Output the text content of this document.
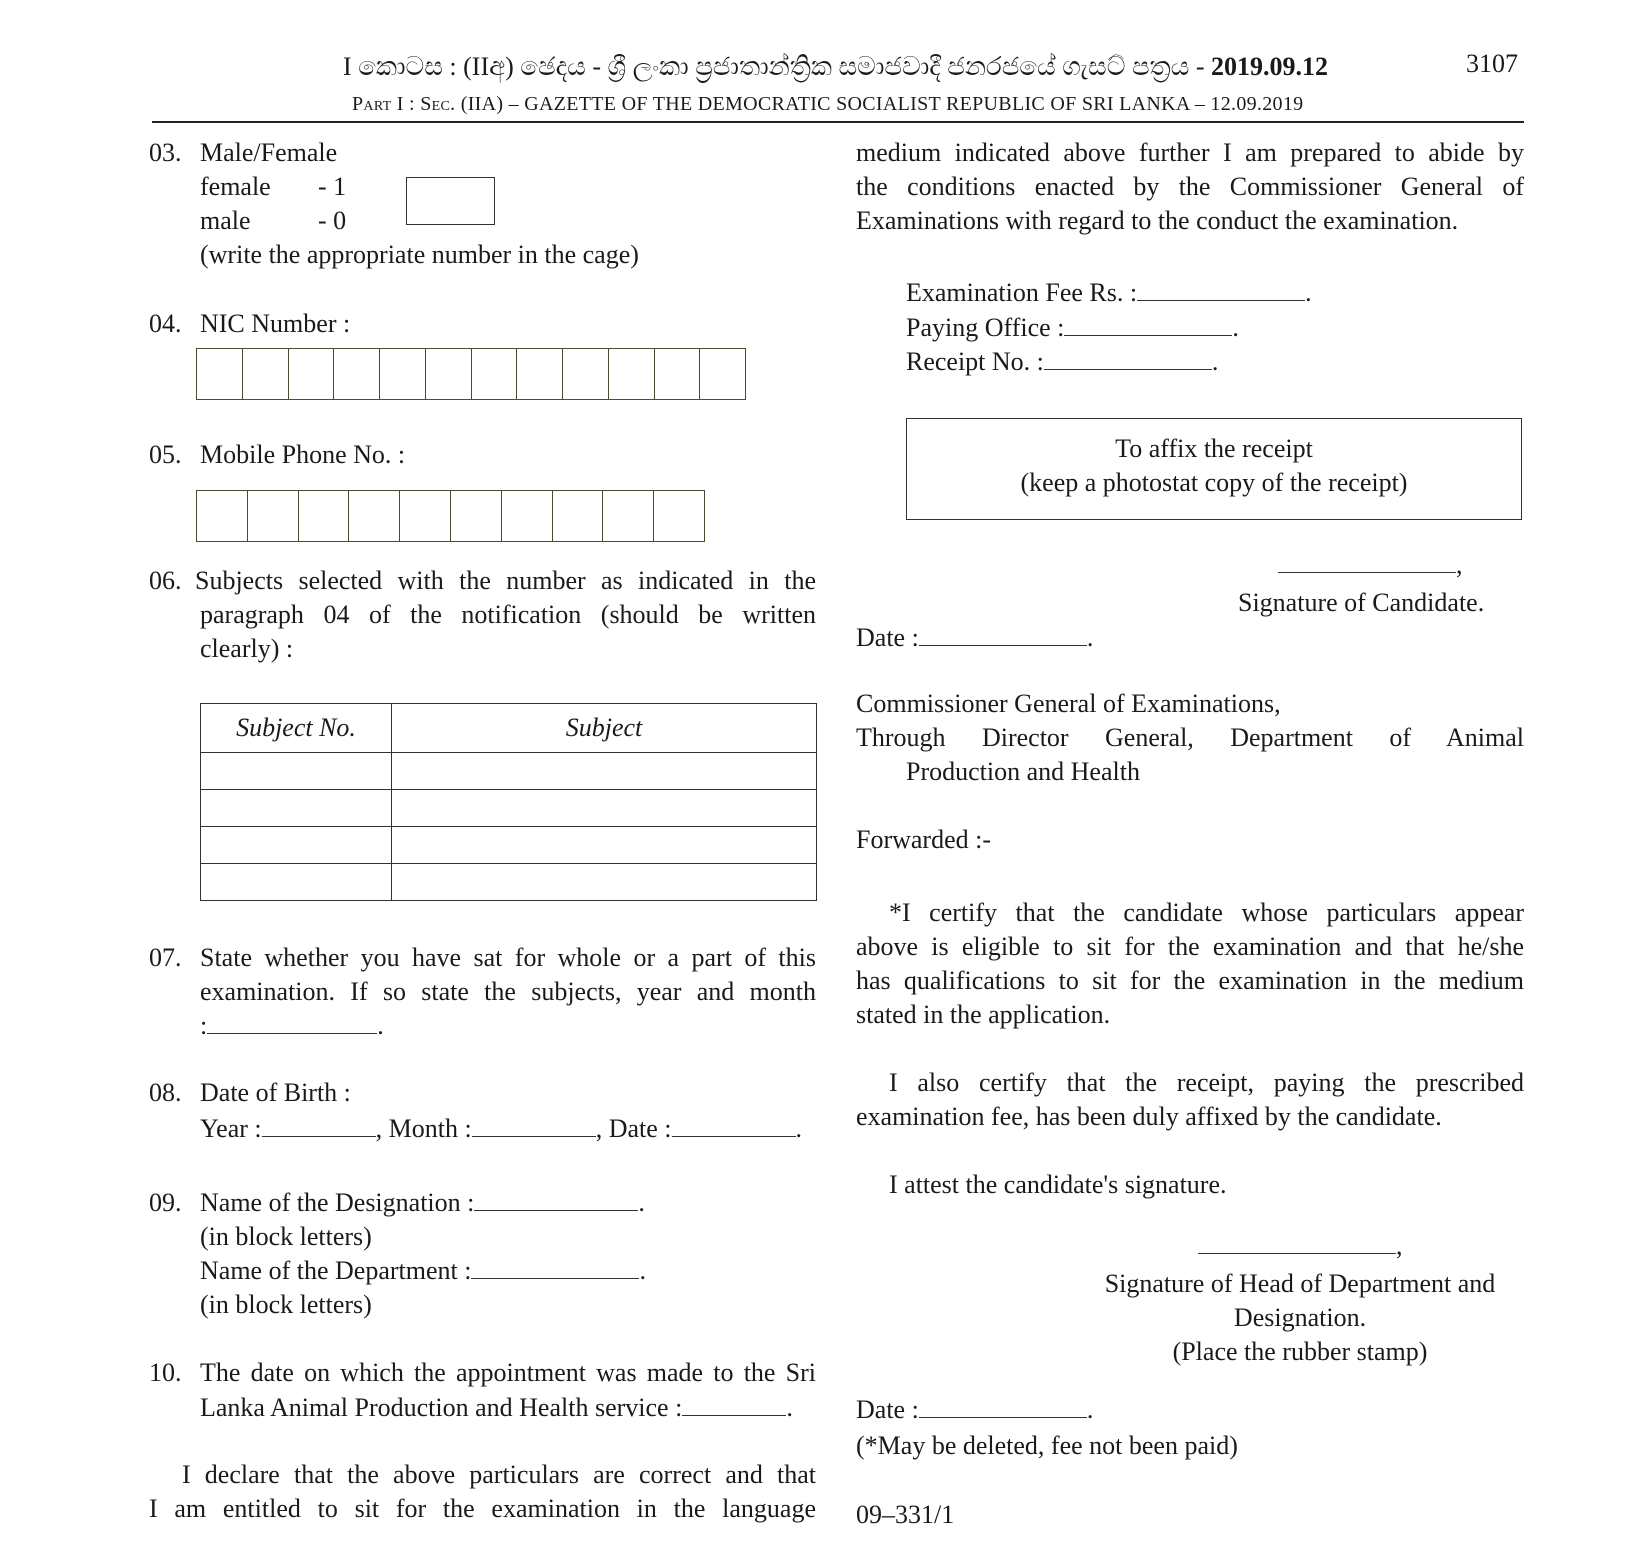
I කොටස : (IIඅ) ඡෙදය - ශ්‍රී ලංකා ප්‍රජාතාන්ත්‍රික සමාජවාදී ජනරජයේ ගැසට් පත්‍රය - 2019.09.12	3107
Part I : Sec. (IIA) – GAZETTE OF THE DEMOCRATIC SOCIALIST REPUBLIC OF SRI LANKA – 12.09.2019
03. Male/Female
female - 1
male	- 0
(write the appropriate number in the cage)
04. NIC Number :
05. Mobile Phone No. :
06. Subjects selected with the number as indicated in the
paragraph 04 of the notification (should be written
clearly) :
Subject No.	Subject

07. State whether you have sat for whole or a part of this
examination. If so state the subjects, year and month
:	.
08. Date of Birth :
Year :	, Month :	, Date :	.
09. Name of the Designation :	.
(in block letters)
Name of the Department :	.
(in block letters)
10. The date on which the appointment was made to the Sri
Lanka Animal Production and Health service :	.
I declare that the above particulars are correct and that
I am entitled to sit for the examination in the language
medium indicated above further I am prepared to abide by
the conditions enacted by the Commissioner General of
Examinations with regard to the conduct the examination.
Examination Fee Rs. :	.
Paying Office :	.
Receipt No. :	.
To affix the receipt
(keep a photostat copy of the receipt)
,
Signature of Candidate.
Date :	.
Commissioner General of Examinations,
Through Director General, Department of Animal
Production and Health
Forwarded :-
*I certify that the candidate whose particulars appear
above is eligible to sit for the examination and that he/she
has qualifications to sit for the examination in the medium
stated in the application.
I also certify that the receipt, paying the prescribed
examination fee, has been duly affixed by the candidate.
I attest the candidate's signature.
,
Signature of Head of Department and
Designation.
(Place the rubber stamp)
Date :	.
(*May be deleted, fee not been paid)
09–331/1
